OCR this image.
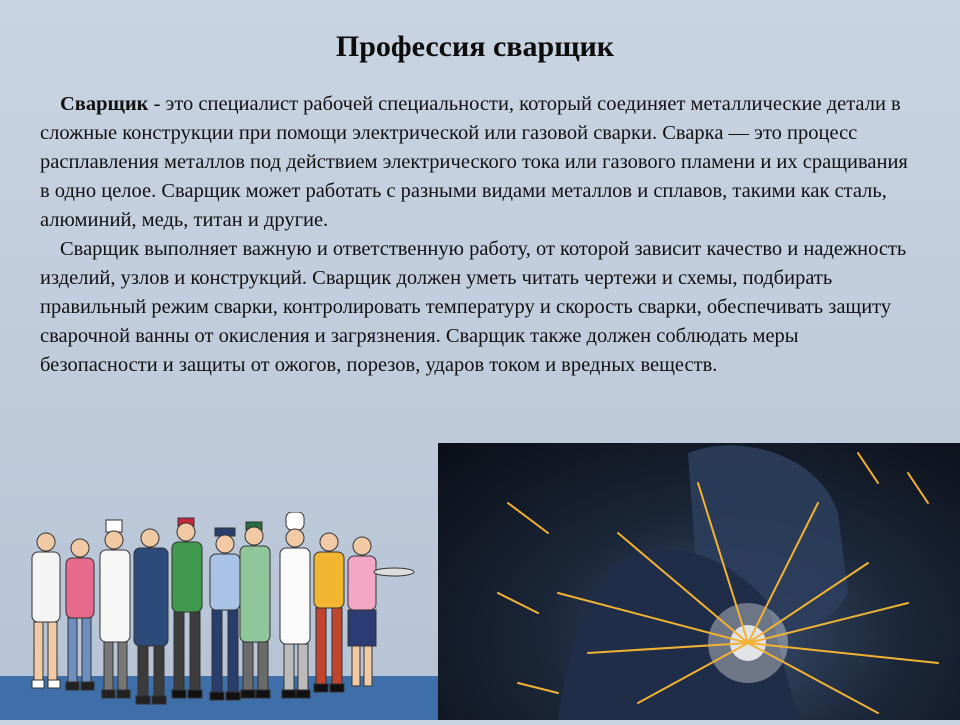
Профессия сварщик

Сварщик - это специалист рабочей специальности, который соединяет металлические детали в сложные конструкции при помощи электрической или газовой сварки. Сварка — это процесс расплавления металлов под действием электрического тока или газового пламени и их сращивания в одно целое. Сварщик может работать с разными видами металлов и сплавов, такими как сталь, алюминий, медь, титан и другие.

Сварщик выполняет важную и ответственную работу, от которой зависит качество и надежность изделий, узлов и конструкций. Сварщик должен уметь читать чертежи и схемы, подбирать правильный режим сварки, контролировать температуру и скорость сварки, обеспечивать защиту сварочной ванны от окисления и загрязнения. Сварщик также должен соблюдать меры безопасности и защиты от ожогов, порезов, ударов током и вредных веществ.
